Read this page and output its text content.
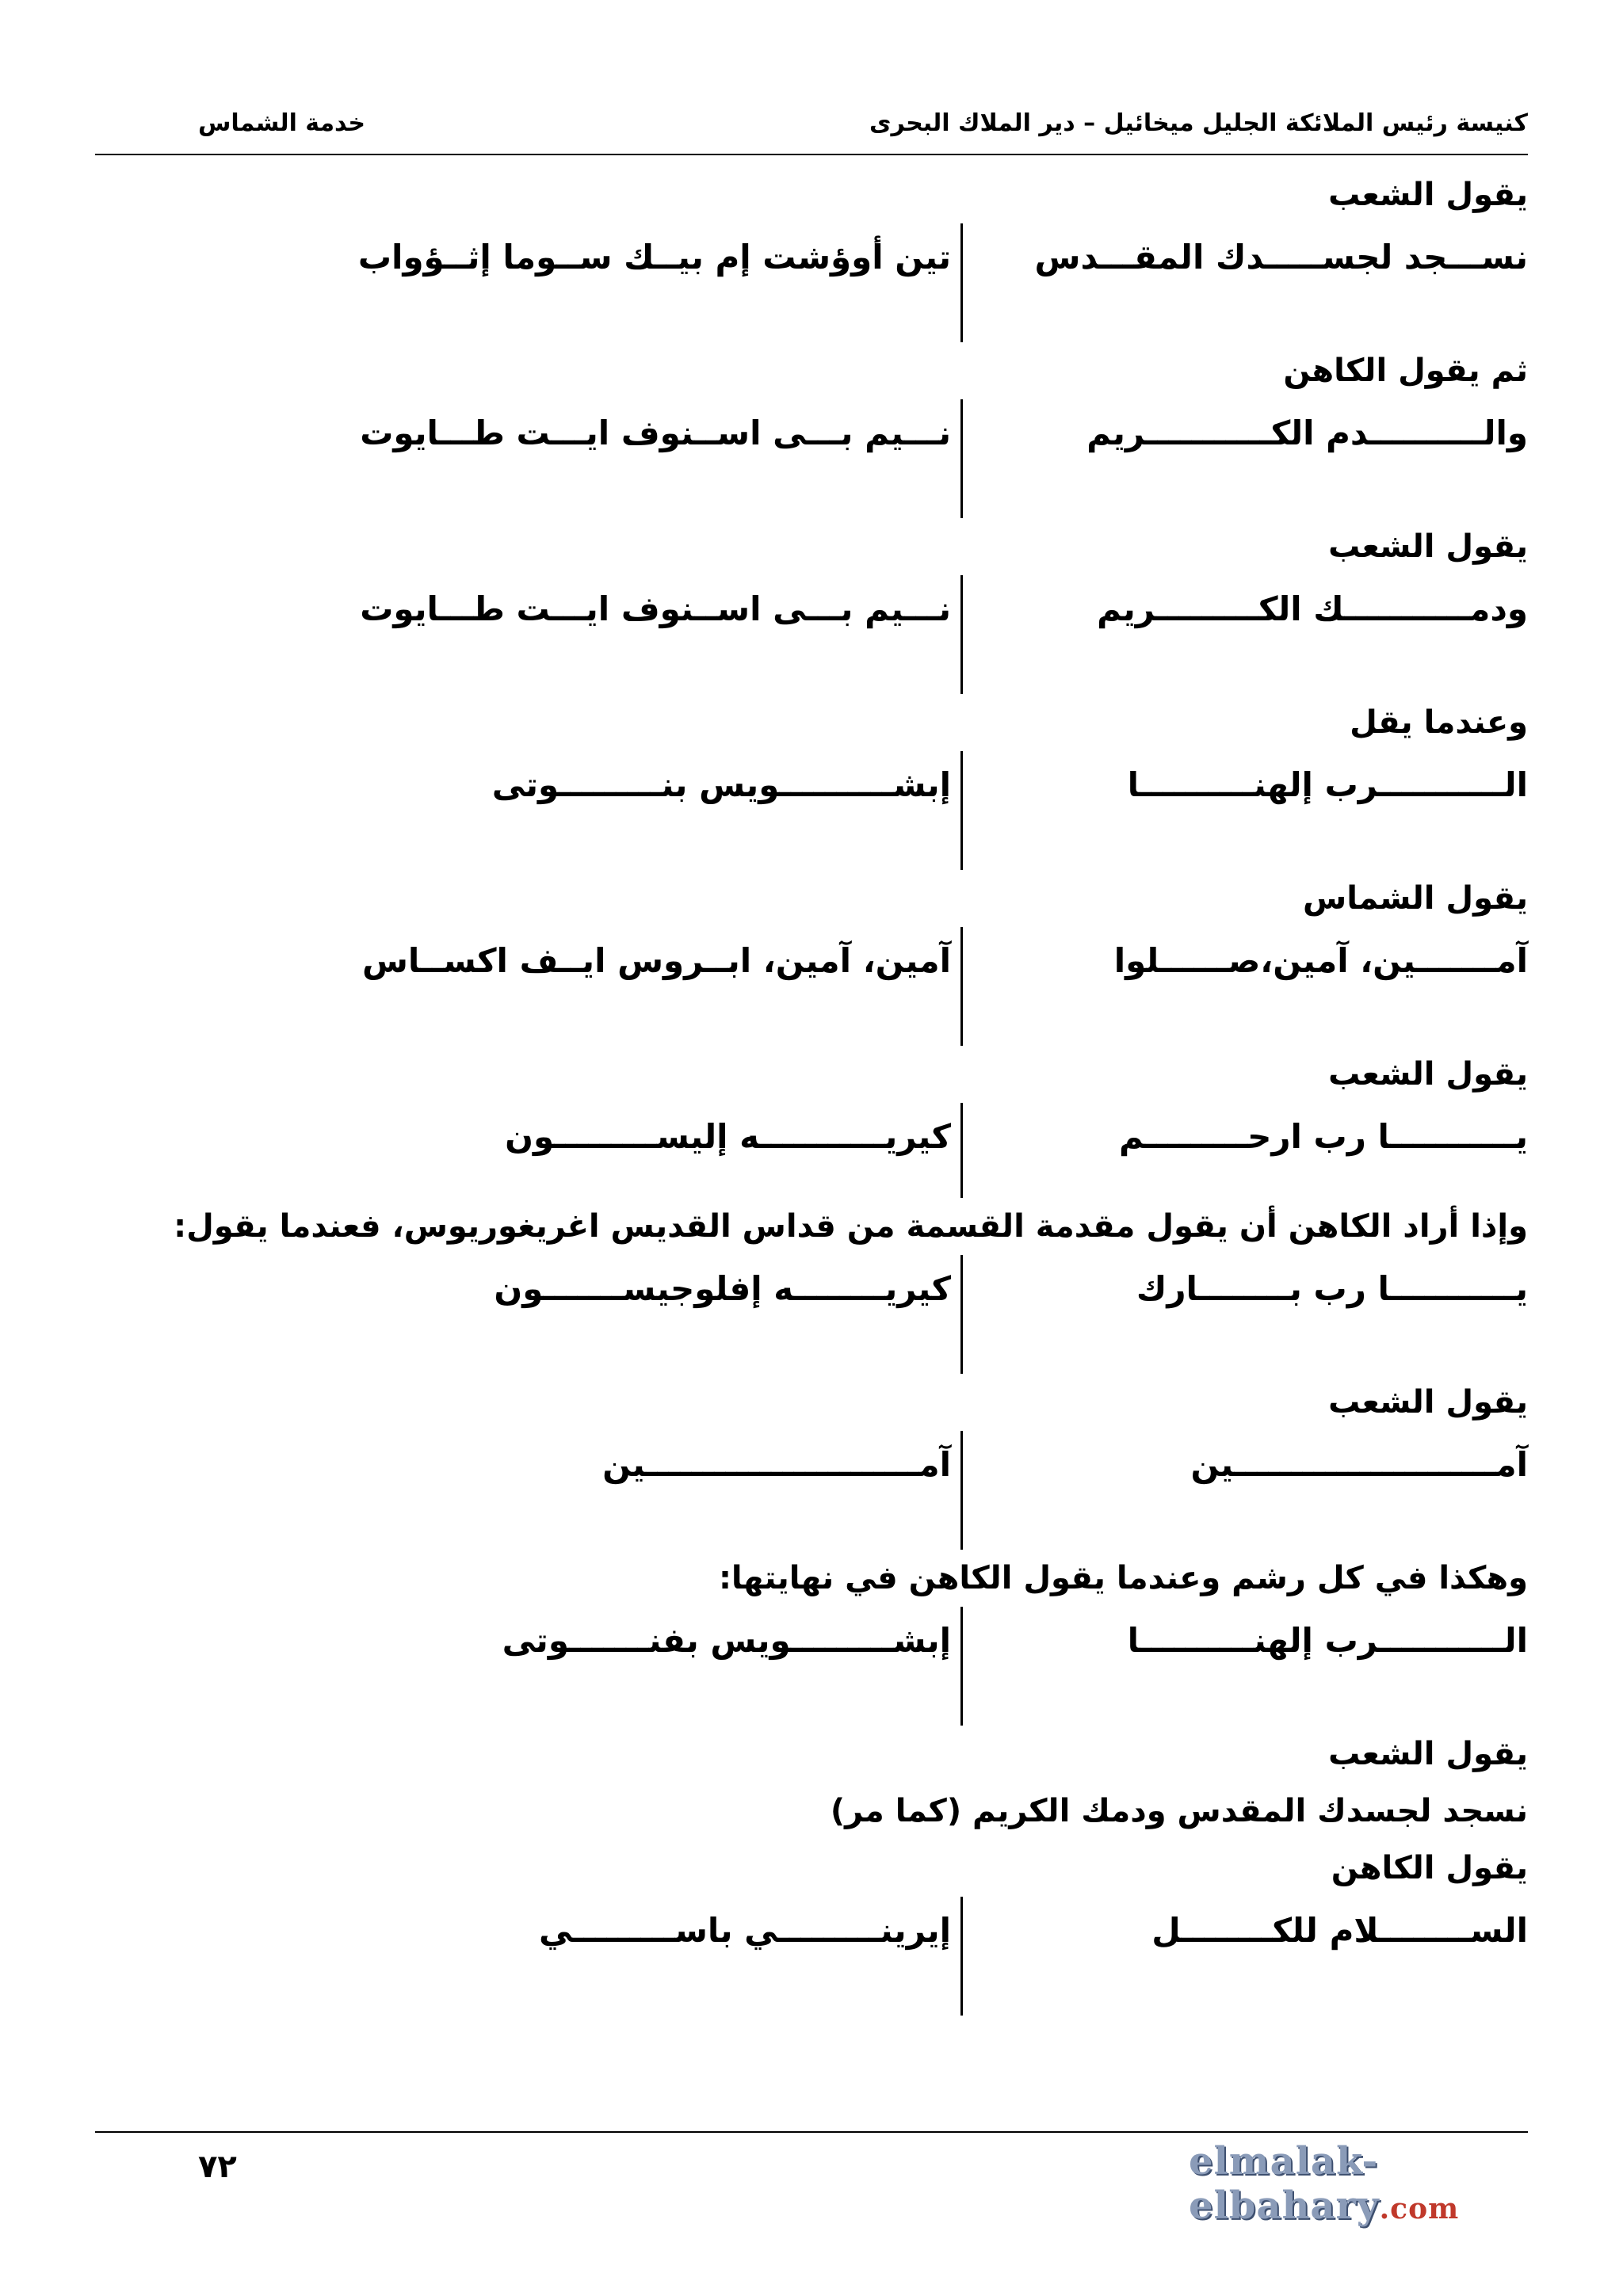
كنيسة رئيس الملائكة الجليل ميخائيل – دير الملاك البحرى
خدمة الشماس
يقول الشعب
نســـجد لجســـــدك المقـــدس
تين أوؤشت إم بيــك ســوما إثــؤواب
ثم يقول الكاهن
والــــــــــدم الكـــــــــــريم
نـــيم بـــى اســنوف ايـــت طـــايوت
يقول الشعب
ودمـــــــــــك الكـــــــــريم
نـــيم بـــى اســنوف ايـــت طـــايوت
وعندما يقل
الـــــــــــرب إلهنــــــــــا
إبشــــــــــويس بنـــــــــوتى
يقول الشماس
آمـــــــين، آمين،صــــــلوا
آمين، آمين، ابــروس ايــف اكســاس
يقول الشعب
يـــــــــــا رب ارحـــــــــم
كيريـــــــــــه إليســـــــــون
وإذا أراد الكاهن أن يقول مقدمة القسمة من قداس القديس اغريغوريوس، فعندما يقول:
يـــــــــــا رب بــــــــارك
كيريــــــــه إفلوجيســـــــون
يقول الشعب
آمـــــــــــــــــــــــين
آمــــــــــــــــــــــــين
وهكذا في كل رشم وعندما يقول الكاهن في نهايتها:
الـــــــــــرب إلهنــــــــــا
إبشـــــــــويس بفنـــــــوتى
يقول الشعب
نسجد لجسدك المقدس ودمك الكريم (كما مر)
يقول الكاهن
الســــــــلام للكــــــــل
إيرينـــــــــي باســـــــــي
٧٢	elmalak-elbahary.com
